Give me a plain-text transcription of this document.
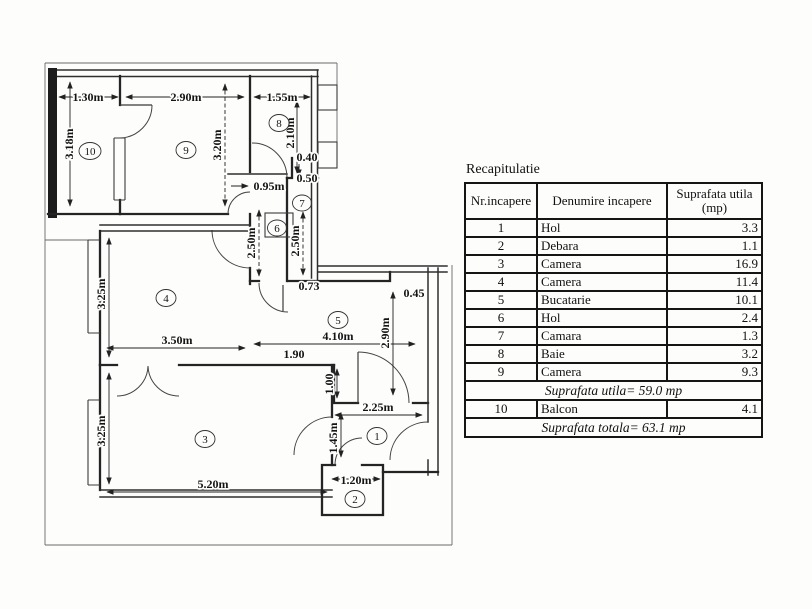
1.30m	2.90m	1.55m
3.18m	3.20m	2.10m
0.40
0.95m
0.50
2.50m	2.50m
3.25m	0.73	0.45
3.50m	4.10m 2.90m
1.90
1.00
3.25m
2.25m
1.45m
5.20m	1.20m
10	9
8
7
6
5
4
3	1
2
Recapitulatie
Nr.incapere	Denumire incapere	Suprafata utila
(mp)

1	Hol	3.3
2	Debara	1.1
3	Camera	16.9
4	Camera	11.4
5	Bucatarie	10.1
6	Hol	2.4
7	Camara	1.3
8	Baie	3.2
9	Camera	9.3
Suprafata utila= 59.0 mp		
10	Balcon	4.1
Suprafata totala= 63.1 mp		
